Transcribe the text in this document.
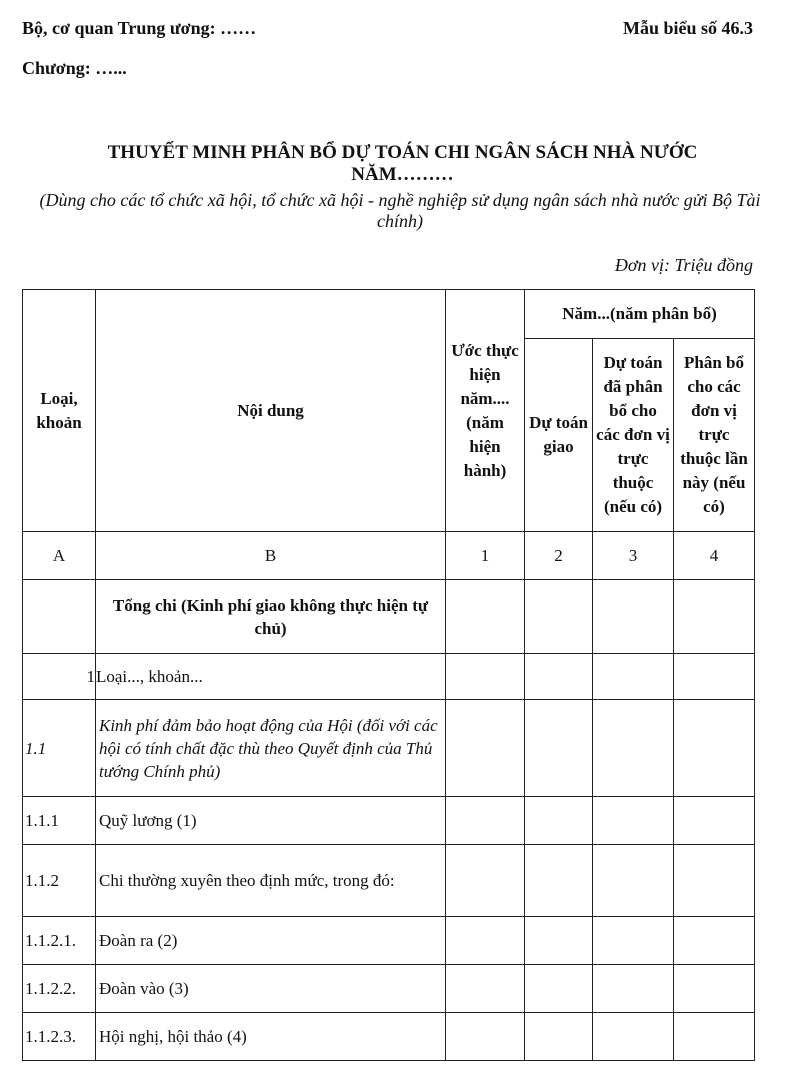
Bộ, cơ quan Trung ương: ……	Mẫu biểu số 46.3
Chương: …...
THUYẾT MINH PHÂN BỔ DỰ TOÁN CHI NGÂN SÁCH NHÀ NƯỚC
NĂM………
(Dùng cho các tổ chức xã hội, tổ chức xã hội - nghề nghiệp sử dụng ngân sách nhà nước gửi Bộ Tài chính)
Đơn vị: Triệu đồng
Loại, khoản	Nội dung	Ước thực hiện năm.... (năm hiện hành)	Năm...(năm phân bổ)		
			Dự toán giao	Dự toán đã phân bổ cho các đơn vị trực thuộc (nếu có)	Phân bổ cho các đơn vị trực thuộc lần này (nếu có)
A	B	1	2	3	4
	Tổng chi (Kinh phí giao không thực hiện tự chủ)				
1	Loại..., khoản...				
1.1	Kinh phí đảm bảo hoạt động của Hội (đối với các hội có tính chất đặc thù theo Quyết định của Thủ tướng Chính phủ)				
1.1.1	Quỹ lương (1)				
1.1.2	Chi thường xuyên theo định mức, trong đó:				
1.1.2.1.	Đoàn ra (2)				
1.1.2.2.	Đoàn vào (3)				
1.1.2.3.	Hội nghị, hội thảo (4)				
